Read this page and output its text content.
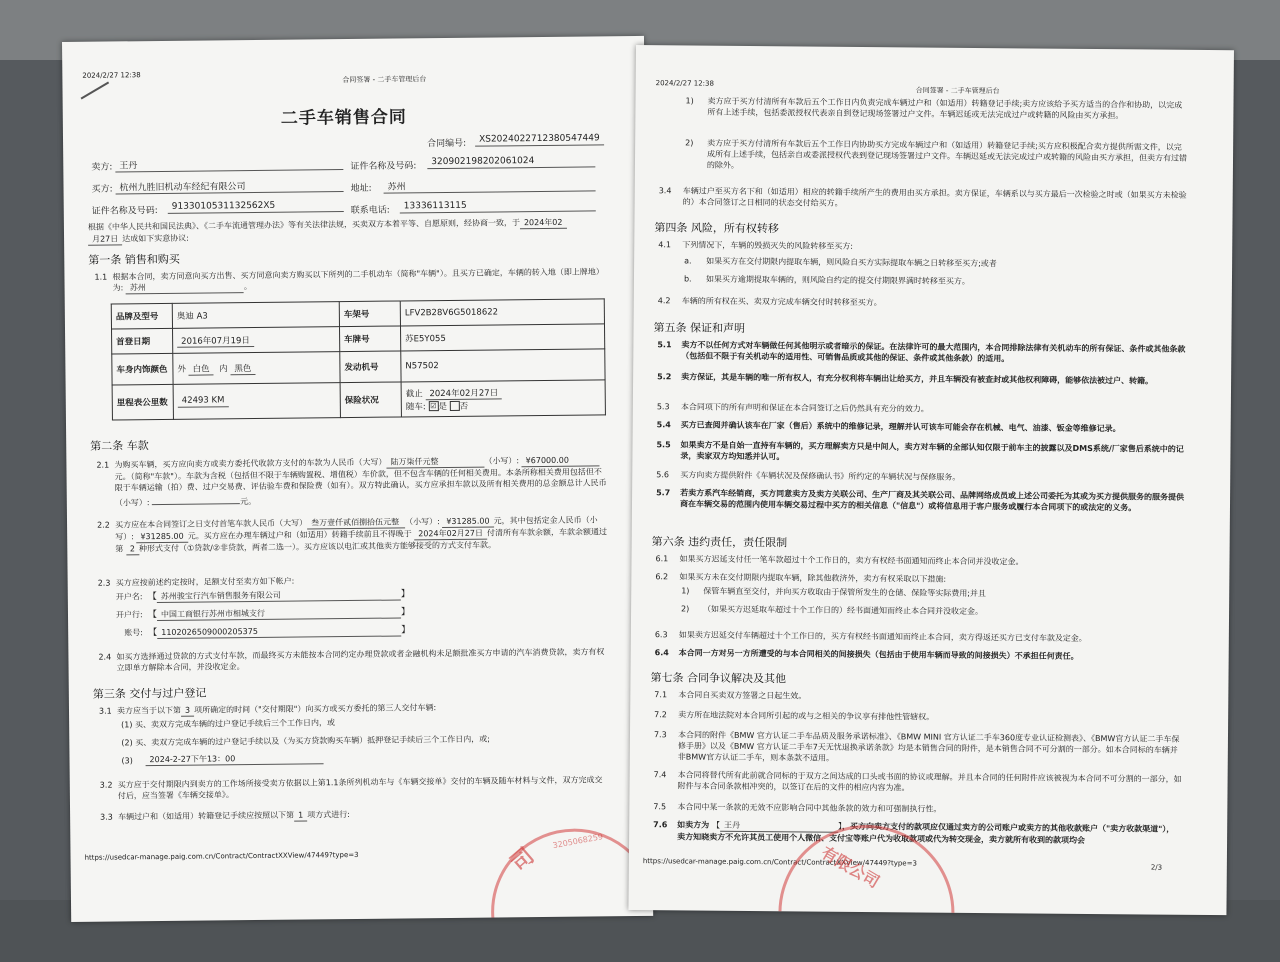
2024/2/27 12:38	合同签署 - 二手车管理后台
二手车销售合同
合同编号:	XS2024022712380547449
卖方: 王丹	证件名称及号码:	320902198202061024
买方: 杭州九胜旧机动车经纪有限公司	地址:	苏州
证件名称及号码:	9133010531132562X5	联系电话:	13336113115
根据《中华人民共和国民法典》、《二手车流通管理办法》等有关法律法规，买卖双方本着平等、自愿原则，经协商一致，于 2024年02
月27日 达成如下实意协议:
第一条 销售和购买
1.1 根据本合同，卖方同意向买方出售、买方同意向卖方购买以下所列的二手机动车（简称"车辆"）。且买方已确定，车辆的转入地（即上牌地）为: 苏州	。
品牌及型号	奥迪 A3	车架号	LFV2B28V6G5018622
首登日期	2016年07月19日	车牌号	苏E5Y055
车身内饰颜色	外 白色 内 黑色	发动机号	N57502
里程表公里数	42493 KM	保险状况	截止 2024年02月27日
随车: ☑ 是 否
第二条 车款
2.1 为购买车辆，买方应向卖方或卖方委托代收款方支付的车款为人民币（大写） 陆万柒仟元整	（小写）: ¥67000.00元。（简称"车款"）。车款为含税（包括但不限于车辆购置税、增值税）车价款，但不包含车辆的任何相关费用。本条所称相关费用包括但不限于车辆运输（拍）费、过户交易费、评估验车费和保险费（如有）。双方特此确认，买方应承担车款以及所有相关费用的总金额总计人民币（小写）:	元。
2.2 买方应在本合同签订之日支付首笔车款人民币（大写） 叁万壹仟贰佰捌拾伍元整 （小写）: ¥31285.00 元，其中包括定金人民币（小写）: ¥31285.00 元。买方应在办理车辆过户和（如适用）转籍手续前且不得晚于 2024年02月27日 付清所有车款余额，车款余额通过第 2 种形式支付（①贷款/②非贷款，两者二选一）。买方应该以电汇或其他卖方能够接受的方式支付车款。
2.3 买方应按前述约定按时，足额支付至卖方如下帐户:
开户名: 【 苏州骏宝行汽车销售服务有限公司	】
开户行: 【 中国工商银行苏州市相城支行	】
账号: 【 1102026509000205375	】
2.4 如买方选择通过贷款的方式支付车款，而最终买方未能按本合同约定办理贷款或者金融机构未足额批准买方申请的汽车消费贷款，卖方有权立即单方解除本合同，并没收定金。
第三条 交付与过户登记
3.1 卖方应当于以下第 3 项所确定的时间（"交付期限"）向买方或买方委托的第三人交付车辆:
(1) 买、卖双方完成车辆的过户登记手续后三个工作日内，或
(2) 买、卖双方完成车辆的过户登记手续以及（为买方贷款购买车辆）抵押登记手续后三个工作日内，或;
(3)	2024-2-27下午13：00
3.2 买方应于交付期限内到卖方的工作场所接受卖方依据以上第1.1条所列机动车与《车辆交接单》交付的车辆及随车材料与文件，双方完成交付后，应当签署《车辆交接单》。
3.3 车辆过户和（如适用）转籍登记手续应按照以下第 1 项方式进行:
https://usedcar-manage.paig.com.cn/Contract/ContractXXView/47449?type=3	司
3205068259
2024/2/27 12:38
合同签署 - 二手车管理后台
1) 卖方应于买方付清所有车款后五个工作日内负责完成车辆过户和（如适用）转籍登记手续;卖方应该给予买方适当的合作和协助，以完成所有上述手续，包括委派授权代表亲自到登记现场签署过户文件。车辆迟延或无法完成过户或转籍的风险由买方承担。
2) 卖方应于买方付清所有车款后五个工作日内协助买方完成车辆过户和（如适用）转籍登记手续;买方应积极配合卖方提供所需文件，以完成所有上述手续，包括亲自或委派授权代表到登记现场签署过户文件。车辆迟延或无法完成过户或转籍的风险由买方承担，但卖方有过错的除外。
3.4 车辆过户至买方名下和（如适用）相应的转籍手续所产生的费用由买方承担。卖方保证，车辆系以与买方最后一次检验之时或（如果买方未检验的）本合同签订之日相同的状态交付给买方。
第四条 风险，所有权转移
4.1 下列情况下，车辆的毁损灭失的风险转移至买方:
a. 如果买方在交付期限内提取车辆，则风险自买方实际提取车辆之日转移至买方;或者
b. 如果买方逾期提取车辆的，则风险自约定的提交付期限界满时转移至买方。
4.2 车辆的所有权在买、卖双方完成车辆交付时转移至买方。
第五条 保证和声明
5.1 卖方不以任何方式对车辆做任何其他明示或者暗示的保证。在法律许可的最大范围内，本合同排除法律有关机动车的所有保证、条件或其他条款（包括但不限于有关机动车的适用性、可销售品质或其他的保证、条件或其他条款）的适用。
5.2 卖方保证，其是车辆的唯一所有权人，有充分权利将车辆出让给买方，并且车辆没有被查封或其他权利障碍，能够依法被过户、转籍。
5.3 本合同项下的所有声明和保证在本合同签订之后仍然具有充分的效力。
5.4 买方已查阅并确认该车在厂家（售后）系统中的维修记录，理解并认可该车可能会存在机械、电气、油漆、钣金等维修记录。
5.5 如果卖方不是自始一直持有车辆的，买方理解卖方只是中间人，卖方对车辆的全部认知仅限于前车主的披露以及DMS系统/厂家售后系统中的记录，卖家双方均知悉并认可。
5.6 买方向卖方提供附件《车辆状况及保修确认书》所约定的车辆状况与保修服务。
5.7 若卖方系汽车经销商，买方同意卖方及卖方关联公司、生产厂商及其关联公司、品牌网络成员或上述公司委托为其或为买方提供服务的服务提供商在车辆交易的范围内使用车辆交易过程中买方的相关信息（"信息"）或将信息用于客户服务或履行本合同项下的或法定的义务。
第六条 违约责任，责任限制
6.1 如果买方迟延支付任一笔车款超过十个工作日的，卖方有权经书面通知而终止本合同并没收定金。
6.2 如果买方未在交付期限内提取车辆，除其他救济外，卖方有权采取以下措施:
1) 保管车辆直至交付，并向买方收取由于保管所发生的仓储、保险等实际费用;并且
2) （如果买方迟延取车超过十个工作日的）经书面通知而终止本合同并没收定金。
6.3 如果卖方迟延交付车辆超过十个工作日的，买方有权经书面通知而终止本合同，卖方得返还买方已支付车款及定金。
6.4 本合同一方对另一方所遭受的与本合同相关的间接损失（包括由于使用车辆而导致的间接损失）不承担任何责任。
第七条 合同争议解决及其他
7.1 本合同自买卖双方签署之日起生效。
7.2 卖方所在地法院对本合同所引起的或与之相关的争议享有排他性管辖权。
7.3 本合同的附件《BMW 官方认证二手车品质及服务承诺标准》、《BMW MINI 官方认证二手车360度专业认证检测表》、《BMW官方认证二手车保修手册》以及《BMW 官方认证二手车7天无忧退换承诺条款》均是本销售合同的附件，是本销售合同不可分割的一部分。如本合同标的车辆并非BMW官方认证二手车，则本条款不适用。
7.4 本合同将替代所有此前就合同标的于双方之间达成的口头或书面的协议或理解。并且本合同的任何附件应该被视为本合同不可分割的一部分，如附件与本合同条款相冲突的，以签订在后的文件的相应内容为准。
7.5 本合同中某一条款的无效不应影响合同中其他条款的效力和可强制执行性。
7.6 如卖方为 【 王丹	】，买方向卖方支付的款项应仅通过卖方的公司账户或卖方的其他收款账户（"卖方收款渠道"），卖方知晓卖方不允许其员工使用个人微信、支付宝等账户代为收取款项或代为转交现金，卖方就所有收到的款项均会
https://usedcar-manage.paig.com.cn/Contract/ContractXXView/47449?type=3
2/3
有限公司
